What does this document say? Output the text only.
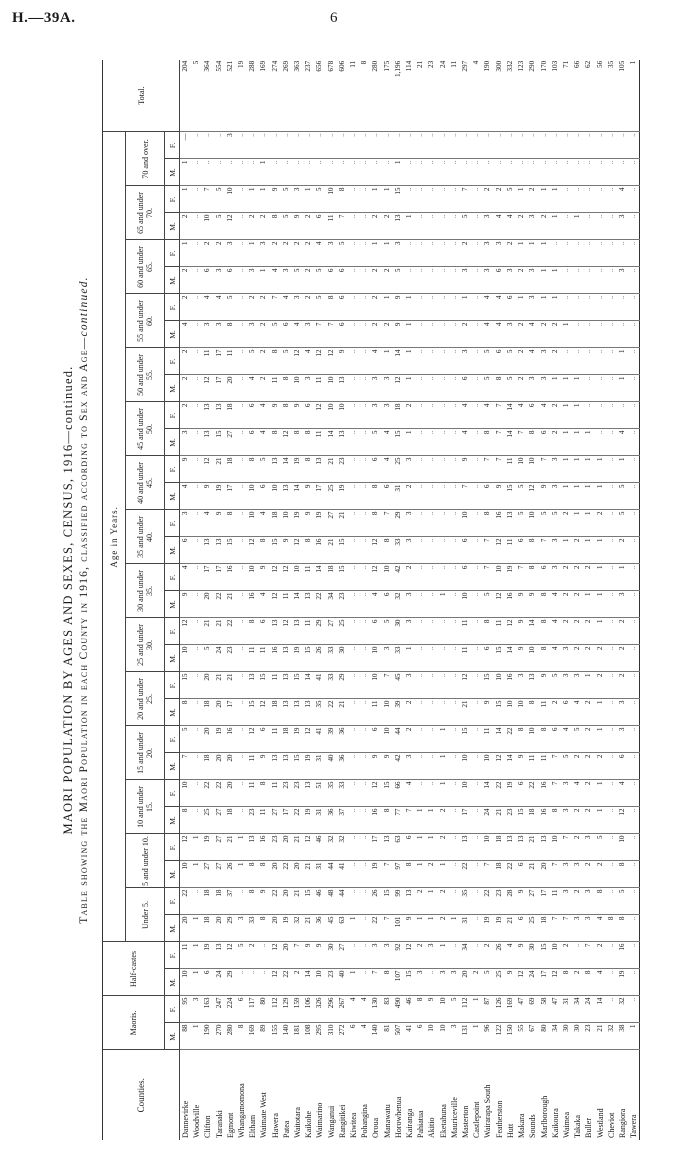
H.—39A.	6

MAORI POPULATION BY AGES AND SEXES, CENSUS, 1916—continued. Table showing the Maori Population in each County in 1916, classified according to Sex and Age—continued.

Counties.	Maoris.		Half-castes		Age in Years.																														Total.
					Under 5.		5 and under 10.		10 and under 15.		15 and under 20.		20 and under 25.		25 and under 30.		30 and under 35.		35 and under 40.		40 and under 45.		45 and under 50.		50 and under 55.		55 and under 60.		60 and under 65.		65 and under 70.		70 and over.		
	M.	F.	M.	F.	M.	F.	M.	F.	M.	F.	M.	F.	M.	F.	M.	F.	M.	F.	M.	F.	M.	F.	M.	F.	M.	F.	M.	F.	M.	F.	M.	F.	M.	F.	
Dannevirke	88	95	10	11	20	22	10	12	8	10	7	5	8	15	10	12	9	4	6	3	4	9	3	2	2	2	4	2	2	1	2	1	1	—	204
Woodville	1	3	1	1	1	..	1	1	..	..	..	..	..	..	..	..	..	..	..	..	..	..	..	..	..	..	..	..	..	..	..	..	..	..	5
Clifton	190	163	6	19	18	18	27	19	25	22	18	20	18	20	5	21	20	17	13	4	9	12	13	13	12	11	3	4	6	2	10	7	..	..	364
Taranaki	270	247	24	13	20	18	27	27	27	22	20	19	20	21	24	21	22	17	13	9	19	21	15	13	17	17	3	4	3	2	5	5	..	..	554
Egmont	280	224	29	12	29	37	26	21	18	20	20	16	17	21	23	22	21	16	15	8	17	18	27	18	20	11	8	5	6	3	12	10	..	3	521
Whangamomona	8	6	..	5	3	..	1	1	..	..	..	..	..	..	..	..	..	..	..	..	..	..	..	..	..	..	..	..	..	..	..	..	..	..	19
Eltham	169	117	..	2	33	8	8	13	23	11	11	12	15	13	11	8	16	10	12	10	10	8	6	6	4	5	3	2	3	1	2	1	..	..	288
Waimate West	89	80	..	..	8	9	8	16	11	8	9	6	12	15	11	6	4	9	8	4	6	5	4	4	2	2	2	2	1	3	2	1	1	..	169
Hawera	155	112	12	12	20	22	20	23	27	11	13	11	18	11	16	13	12	12	15	18	10	13	8	9	11	8	5	7	4	2	8	9	..	..	274
Patea	140	129	22	20	19	20	22	20	17	23	13	18	13	13	13	12	11	12	9	10	13	14	12	8	8	5	6	4	3	2	5	5	..	..	269
Waitotara	181	159	2	7	32	21	20	21	22	23	15	19	13	15	19	13	14	10	12	19	14	19	8	9	10	12	4	3	5	2	9	3	..	..	363
Kaikohe	108	106	14	9	21	15	21	12	19	13	19	12	13	14	15	11	13	11	8	9	9	8	8	6	3	4	3	2	2	2	2	1	..	..	237
Waimarino	295	326	10	9	36	46	31	46	31	51	31	41	35	41	26	29	22	14	16	19	17	13	11	12	11	12	7	5	5	4	6	5	..	..	656
Wanganui	310	296	23	30	45	48	44	32	36	35	40	39	22	33	33	27	34	18	21	27	25	21	14	10	10	12	7	8	6	3	11	10	..	..	678
Rangitikei	272	267	40	27	63	44	41	32	37	33	36	36	21	29	30	25	23	15	15	21	19	23	13	10	13	9	6	6	6	5	7	8	..	..	606
Kiwitea	6	4	1	..	1	..	..	..	..	..	..	..	..	..	..	..	..	..	..	..	..	..	..	..	..	..	..	..	..	..	..	..	..	..	11
Pohangina	4	4	..	..	..	..	..	..	..	..	..	..	..	..	..	..	..	..	..	..	..	..	..	..	..	..	..	..	..	..	..	..	..	..	8
Oroua	140	130	7	3	22	26	19	17	16	12	9	6	11	10	10	6	4	12	12	8	8	6	5	3	3	4	2	2	2	1	2	1	..	..	280
Manawatu	81	83	8	3	7	15	7	13	8	15	9	10	10	7	3	5	6	10	8	7	6	4	4	3	3	1	2	1	2	1	2	1	..	..	175
Horowhenua	507	490	107	92	101	99	97	63	77	66	42	44	39	45	33	30	32	42	33	29	31	25	15	18	12	14	9	9	5	3	13	15	1	..	1,196
Kairanga	41	46	15	12	9	13	8	6	7	4	3	2	2	3	1	3	3	2	3	3	2	3	1	2	1	1	1	1	..	..	1	..	..	..	114
Pahiatua	6	8	3	2	1	2	1	1	1	..	..	..	..	..	..	..	..	..	..	..	..	..	..	..	..	..	..	..	..	..	..	..	..	..	21
Akitio	10	9	..	3	1	1	2	1	1	..	..	..	..	..	..	..	..	..	..	..	..	..	..	..	..	..	..	..	..	..	..	..	..	..	23
Eketahuna	10	10	3	1	2	2	1	2	2	1	1	1	..	..	..	..	1	..	..	..	..	..	..	..	..	..	..	..	..	..	..	..	..	..	24
Mauriceville	3	5	3	..	1	..	..	..	..	..	..	..	..	..	..	..	..	..	..	..	..	..	..	..	..	..	..	..	..	..	..	..	..	..	11
Masterton	131	112	20	34	31	35	22	13	17	10	10	15	21	12	11	11	10	6	6	10	7	9	4	4	6	3	2	1	3	2	5	7	..	..	297
Castlepoint	1	1	2	..	..	..	..	..	..	..	..	..	..	..	..	..	..	..	..	..	..	..	..	..	..	..	..	..	..	..	..	..	..	..	4
Wairarapa South	96	87	5	2	19	22	7	10	24	14	10	11	9	15	6	8	5	7	7	8	6	7	8	4	5	5	4	4	3	3	3	2	..	..	190
Featherston	122	126	25	26	19	23	18	18	21	22	12	14	15	10	15	11	12	10	12	16	9	7	7	7	8	6	4	4	6	3	4	2	..	..	300
Hutt	150	169	9	4	21	28	22	13	23	19	14	22	10	16	14	12	16	19	11	13	15	11	14	14	5	5	3	6	3	2	4	5	..	..	332
Makara	55	47	12	9	6	9	6	13	15	6	9	8	10	3	9	9	9	7	6	5	5	10	7	4	2	2	2	1	2	1	2	1	..	..	123
Sounds	67	69	24	30	25	27	21	21	18	22	11	10	8	13	10	14	9	8	8	10	12	10	8	6	3	4	4	3	3	1	3	2	..	..	290
Marlborough	80	58	17	15	18	17	20	13	16	16	11	8	11	9	8	8	8	6	7	5	9	7	6	4	3	3	2	1	1	1	2	1	..	..	170
Kaikoura	34	47	12	10	7	11	7	10	8	7	7	6	2	5	4	4	4	3	3	5	3	3	2	2	1	2	2	1	1	..	1	1	..	..	103
Waimea	30	31	8	2	7	3	3	7	3	3	5	4	6	3	3	2	2	2	1	2	1	1	1	1	1	..	1	..	..	..	..	..	..	..	71
Takaka	30	34	2	..	3	2	3	2	2	4	2	5	4	3	2	2	2	2	2	1	1	1	1	1	1	..	..	..	..	..	1	..	..	..	66
Buller	23	24	8	7	3	3	2	3	2	2	2	2	2	1	2	2	1	2	1	1	1	1	1	..	..	..	..	..	..	..	..	..	..	..	62
Westland	21	14	4	2	4	8	2	5	1	1	2	1	1	2	2	1	1	1	1	2	1	1	..	..	..	..	..	..	..	..	..	..	..	..	56
Cheviot	32	..	..	..	8	..	..	..	..	..	..	..	..	..	..	..	..	..	..	..	..	..	..	..	..	..	..	..	..	..	..	..	..	..	35
Rangiora	38	32	19	16	8	5	8	10	12	4	6	3	3	2	2	2	3	1	2	5	5	1	4	..	1	1	..	..	3	..	3	4	..	..	105
Tawera	1	..	..	..	..	..	..	..	..	..	..	..	..	..	..	..	..	..	..	..	..	..	..	..	..	..	..	..	..	..	..	..	..	..	1
